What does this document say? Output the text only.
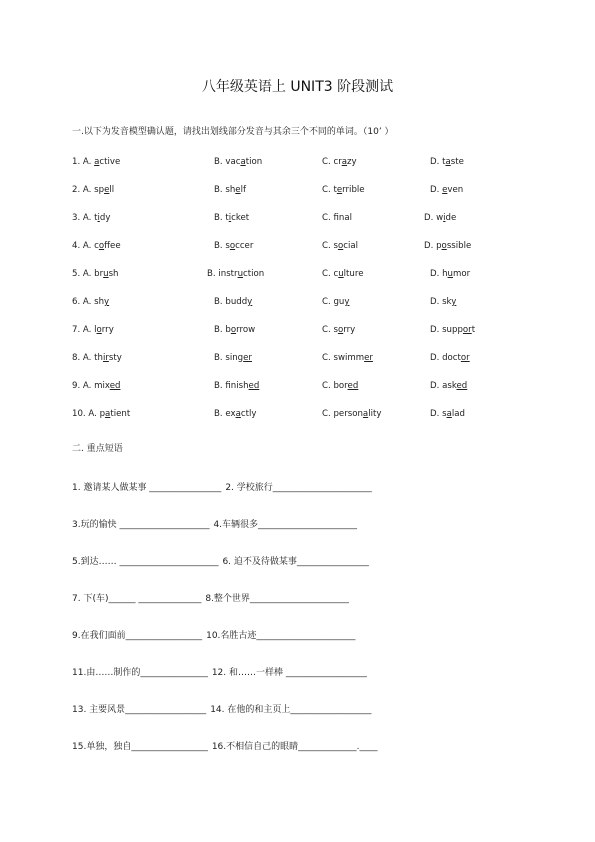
八年级英语上 UNIT3 阶段测试
一.以下为发音模型确认题，请找出划线部分发音与其余三个不同的单词。（10’ ）
1. A. active	B. vacation	C. crazy	D. taste
2. A. spell	B. shelf	C. terrible	D. even
3. A. tidy	B. ticket	C. fnal	D. wide
4. A. coffee	B. soccer	C. social	D. possible
5. A. brush	B. instruction	C. culture	D. humor
6. A. shy	B. buddy	C. guy	D. sky
7. A. lorry	B. borrow	C. sorry	D. support
8. A. thirsty	B. singer	C. swimmer	D. doctor
9. A. mixed	B. finished	C. bored	D. asked
10. A. patient	B. exactly	C. personality	D. salad
二. 重点短语
1. 邀请某人做某事 ________________ 2. 学校旅行______________________
3.玩的愉快 ____________________ 4.车辆很多______________________
5.到达…… ______________________ 6. 迫不及待做某事________________
7. 下(车)______ ______________ 8.整个世界______________________
9.在我们面前_________________ 10.名胜古迹______________________
11.由……制作的_______________ 12. 和……一样棒 __________________
13. 主要风景__________________ 14. 在他的和主页上__________________
15.单独，独自_________________ 16.不相信自己的眼睛_____________.____
